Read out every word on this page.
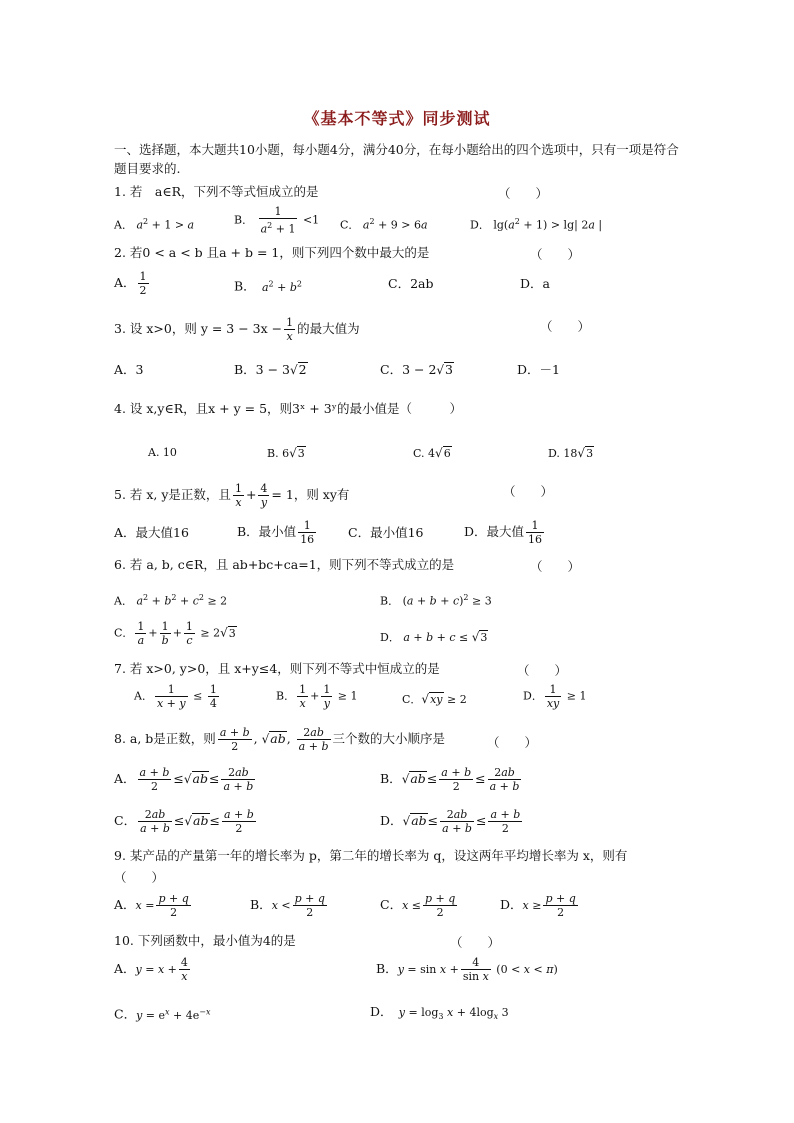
《基本不等式》同步测试
一、选择题，本大题共10小题，每小题4分，满分40分，在每小题给出的四个选项中，只有一项是符合题目要求的.
1. 若　a∈R，下列不等式恒成立的是	（　　）
A． $a^2 + 1 > a$	B． $\frac{1}{a^2 + 1} <1$ C． $a^2 + 9 > 6a$	D． $\lg(a^2 + 1) > \lg|$ 2a |
2. 若0 < a < b 且a + b = 1，则下列四个数中最大的是	（　　）
A． $\frac{1}{2}$	B．　 $a^2 + b^2$	C．2ab	D．a
3. 设 x>0，则 $y = 3 - 3x - \frac{1}{x}$ 的最大值为	（　　）
A．3	B．3 − 3√2	C．3 − 2√3	D．－1
4. 设 x,y∈R，且x + y = 5，则3ˣ + 3ʸ的最小值是（　　　）
A. 10	B. 6√3	C. 4√6	D. 18√3
5. 若 x, y是正数，且 $\frac{1}{x} + \frac{4}{y} = 1$，则 xy有	（　　）
A．最大值16	B．最小值 $\frac{1}{16}$	C．最小值16	D．最大值 $\frac{1}{16}$
6. 若 a, b, c∈R，且 ab+bc+ca=1，则下列不等式成立的是	（　　）
A． $a^2 + b^2 + c^2 \ge 2$	B． $(a + b + c)^2 \ge 3$
C． $\frac{1}{a} + \frac{1}{b} + \frac{1}{c} \ge 2√3$	D． a + b + c ≤ √3
7. 若 x>0, y>0，且 x+y≤4，则下列不等式中恒成立的是	（　　）
A． $\frac{1}{x + y} \le \frac{1}{4}$	B． $\frac{1}{x} + \frac{1}{y} \ge 1$	C．√xy ≥ 2	D． $\frac{1}{xy} \ge 1$
8. a, b是正数，则 $\frac{a + b}{2}$ , √ab, $\frac{2ab}{a + b}$ 三个数的大小顺序是	（　　）
A． $\frac{a + b}{2} \le√ab\le \frac{2ab}{a + b}$	B．$√ab\le \frac{a + b}{2} \le \frac{2ab}{a + b}$
C． $\frac{2ab}{a + b} \le√ab\le \frac{a + b}{2}$	D．$√ab\le \frac{2ab}{a + b} \le \frac{a + b}{2}$
9. 某产品的产量第一年的增长率为 p，第二年的增长率为 q，设这两年平均增长率为 x，则有
（　　）
A．$x = \frac{p + q}{2}$	B．$x < \frac{p + q}{2}$	C．$x \le \frac{p + q}{2}$	D．$x \ge \frac{p + q}{2}$
10. 下列函数中，最小值为4的是	（　　）
A．$y = x + \frac{4}{x}$	B．$y = \sin x + \frac{4}{\text{sin x}} (0 < x < \pi)$
C．$y = e^x + 4e^{-x}$	D．　 $y = \log_3 x + 4\log_x$ 3
